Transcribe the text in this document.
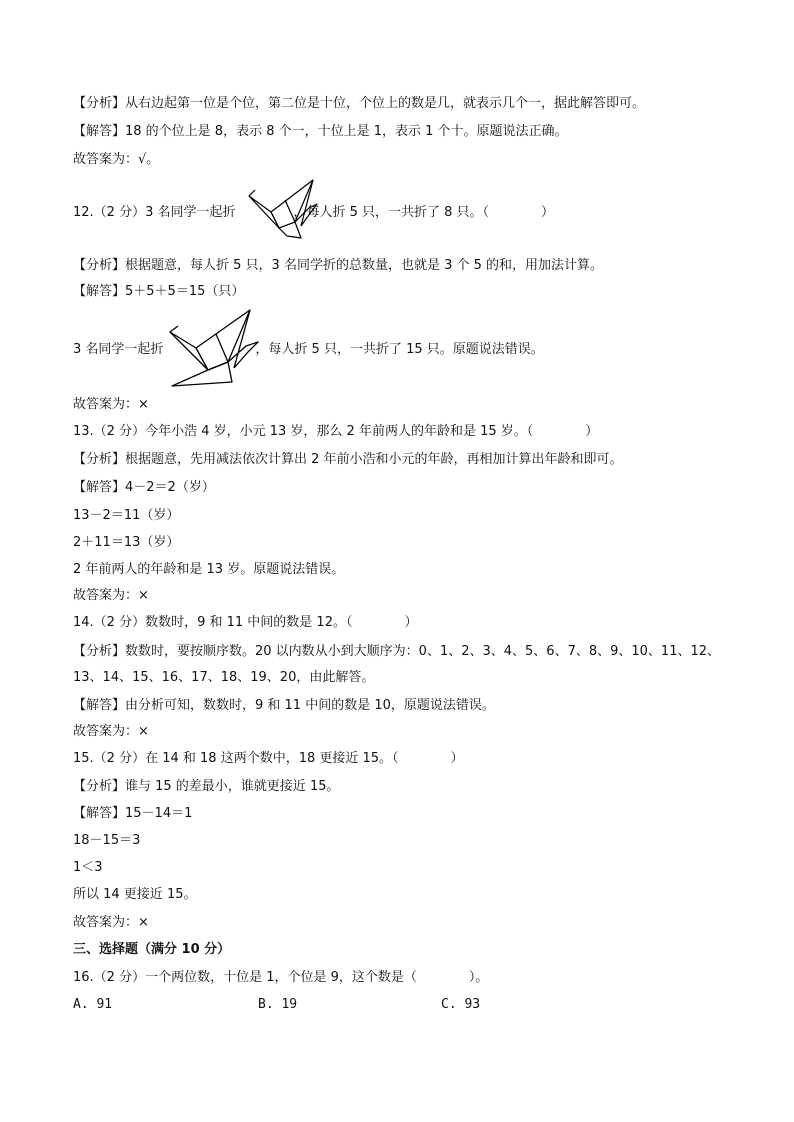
【分析】从右边起第一位是个位，第二位是十位，个位上的数是几，就表示几个一，据此解答即可。
【解答】18 的个位上是 8，表示 8 个一，十位上是 1，表示 1 个十。原题说法正确。
故答案为：√。
12.（2 分）3 名同学一起折	，每人折 5 只，一共折了 8 只。（　　　　）
【分析】根据题意，每人折 5 只，3 名同学折的总数量，也就是 3 个 5 的和，用加法计算。
【解答】5＋5＋5＝15（只）
3 名同学一起折	，每人折 5 只，一共折了 15 只。原题说法错误。
故答案为：×
13.（2 分）今年小浩 4 岁，小元 13 岁，那么 2 年前两人的年龄和是 15 岁。（　　　　）
【分析】根据题意，先用减法依次计算出 2 年前小浩和小元的年龄，再相加计算出年龄和即可。
【解答】4－2＝2（岁）
13－2＝11（岁）
2＋11＝13（岁）
2 年前两人的年龄和是 13 岁。原题说法错误。
故答案为：×
14.（2 分）数数时，9 和 11 中间的数是 12。（　　　　）
【分析】数数时，要按顺序数。20 以内数从小到大顺序为：0、1、2、3、4、5、6、7、8、9、10、11、12、
13、14、15、16、17、18、19、20，由此解答。
【解答】由分析可知，数数时，9 和 11 中间的数是 10，原题说法错误。
故答案为：×
15.（2 分）在 14 和 18 这两个数中，18 更接近 15。（　　　　）
【分析】谁与 15 的差最小，谁就更接近 15。
【解答】15－14＝1
18－15＝3
1＜3
所以 14 更接近 15。
故答案为：×
三、选择题（满分 10 分）
16.（2 分）一个两位数，十位是 1，个位是 9，这个数是（　　　　）。
A. 91	B. 19	C. 93
